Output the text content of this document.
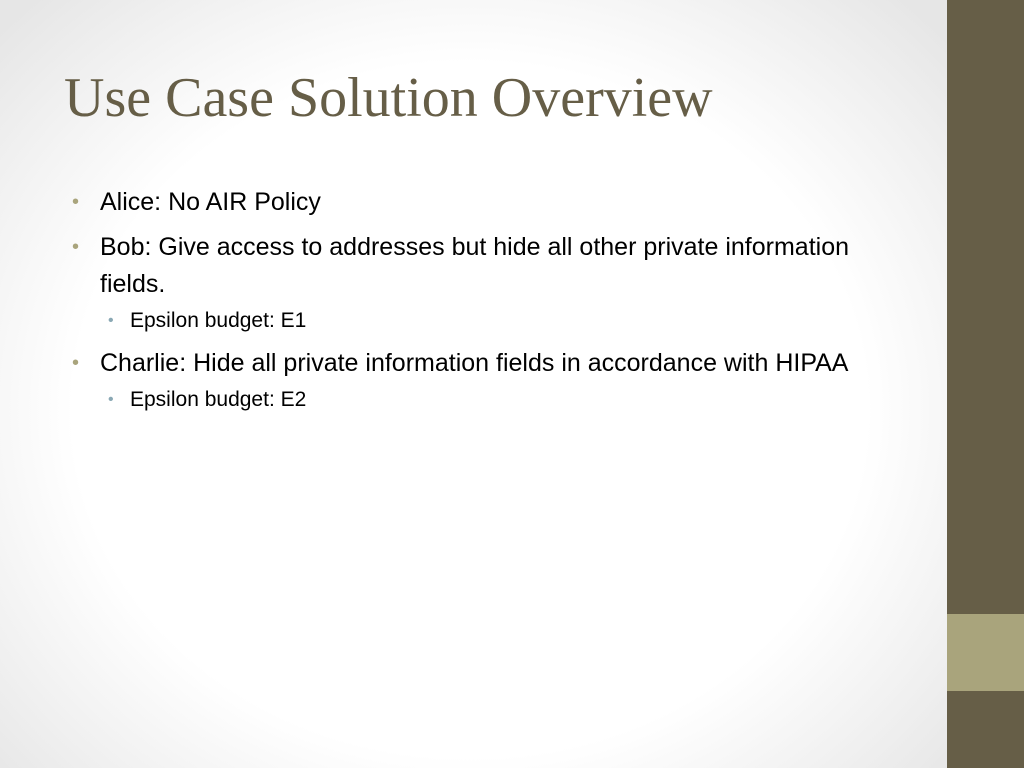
Use Case Solution Overview
• Alice: No AIR Policy
• Bob: Give access to addresses but hide all other private information fields.
• Epsilon budget: E1
• Charlie: Hide all private information fields in accordance with HIPAA
• Epsilon budget: E2
